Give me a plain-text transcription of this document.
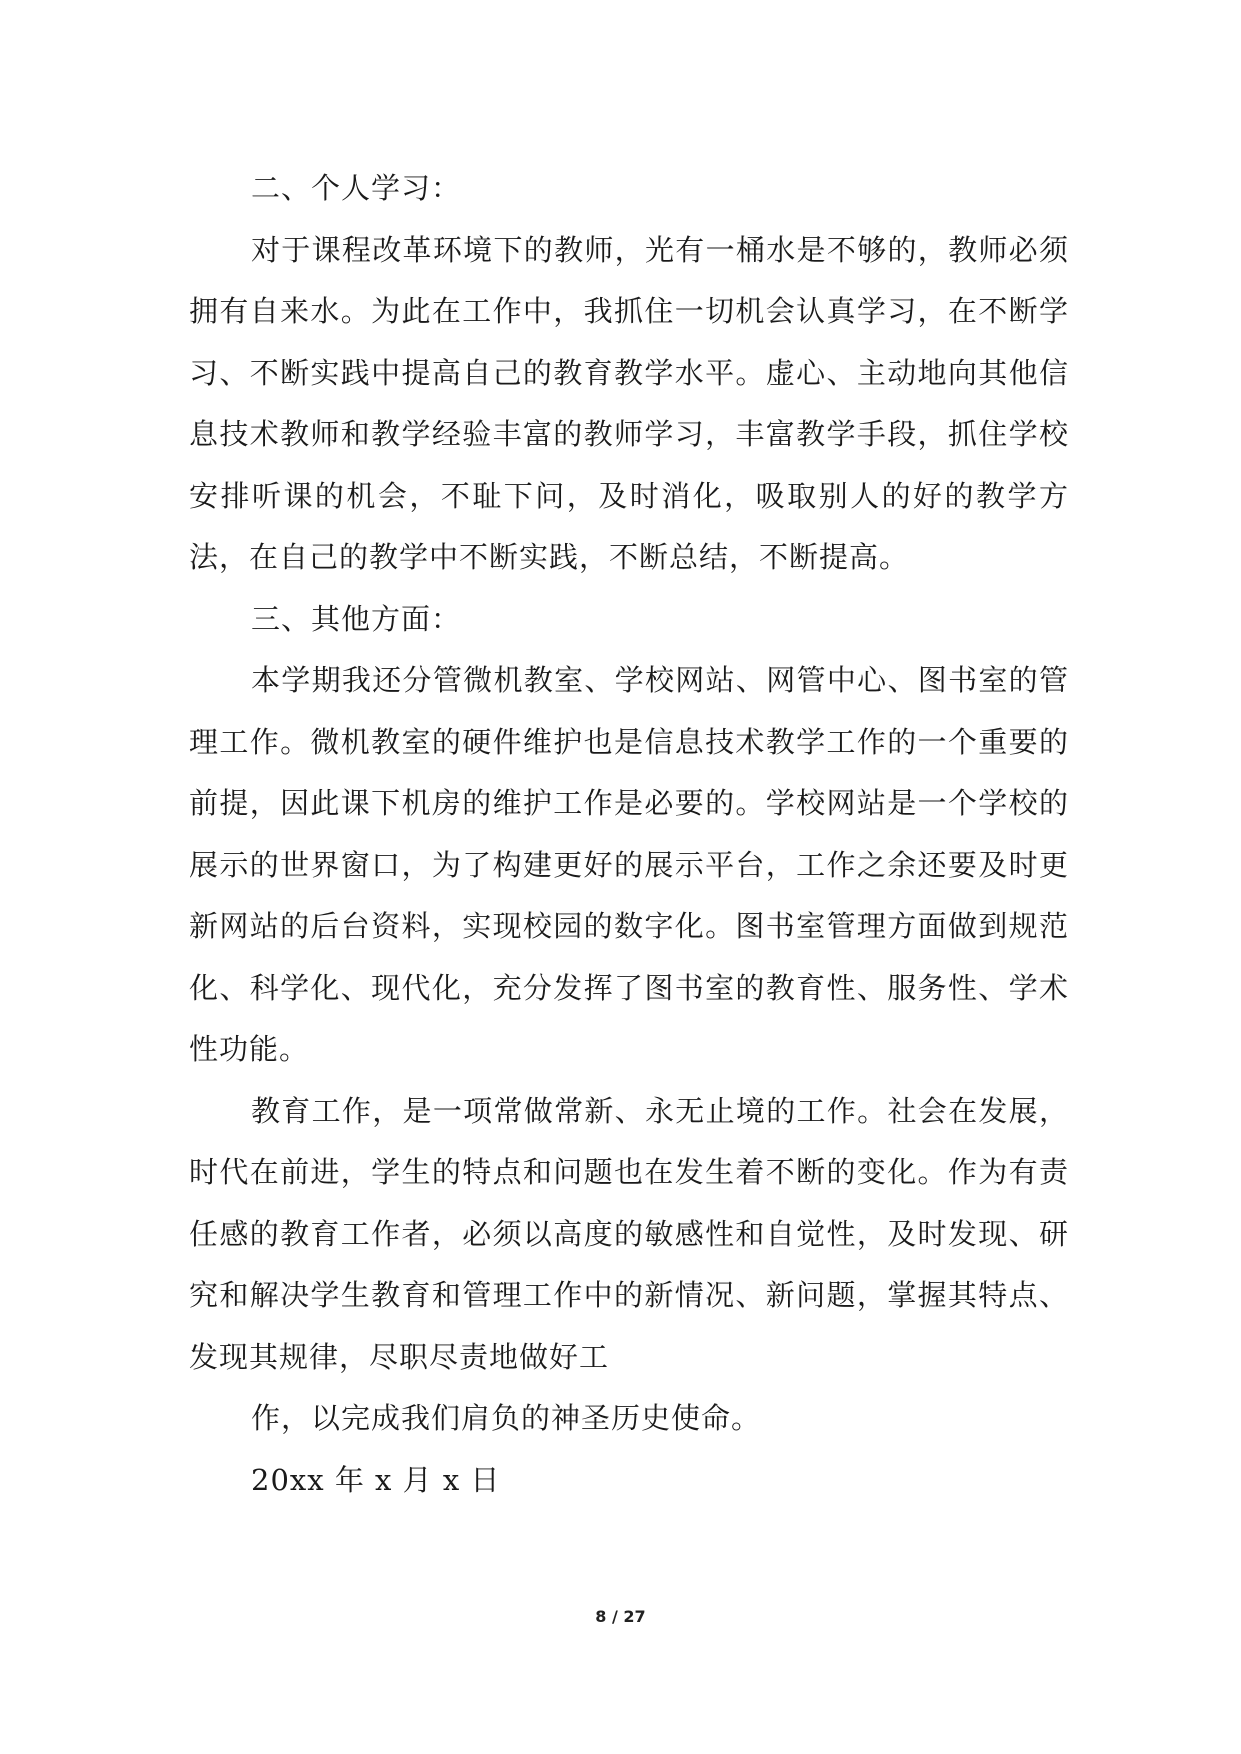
二、个人学习：

对于课程改革环境下的教师，光有一桶水是不够的，教师必须拥有自来水。为此在工作中，我抓住一切机会认真学习，在不断学习、不断实践中提高自己的教育教学水平。虚心、主动地向其他信息技术教师和教学经验丰富的教师学习，丰富教学手段，抓住学校安排听课的机会，不耻下问，及时消化，吸取别人的好的教学方法，在自己的教学中不断实践，不断总结，不断提高。

三、其他方面：

本学期我还分管微机教室、学校网站、网管中心、图书室的管理工作。微机教室的硬件维护也是信息技术教学工作的一个重要的前提，因此课下机房的维护工作是必要的。学校网站是一个学校的展示的世界窗口，为了构建更好的展示平台，工作之余还要及时更新网站的后台资料，实现校园的数字化。图书室管理方面做到规范化、科学化、现代化，充分发挥了图书室的教育性、服务性、学术性功能。

教育工作，是一项常做常新、永无止境的工作。社会在发展，时代在前进，学生的特点和问题也在发生着不断的变化。作为有责任感的教育工作者，必须以高度的敏感性和自觉性，及时发现、研究和解决学生教育和管理工作中的新情况、新问题，掌握其特点、发现其规律，尽职尽责地做好工

作，以完成我们肩负的神圣历史使命。

20xx 年 x 月 x 日

8 / 27
